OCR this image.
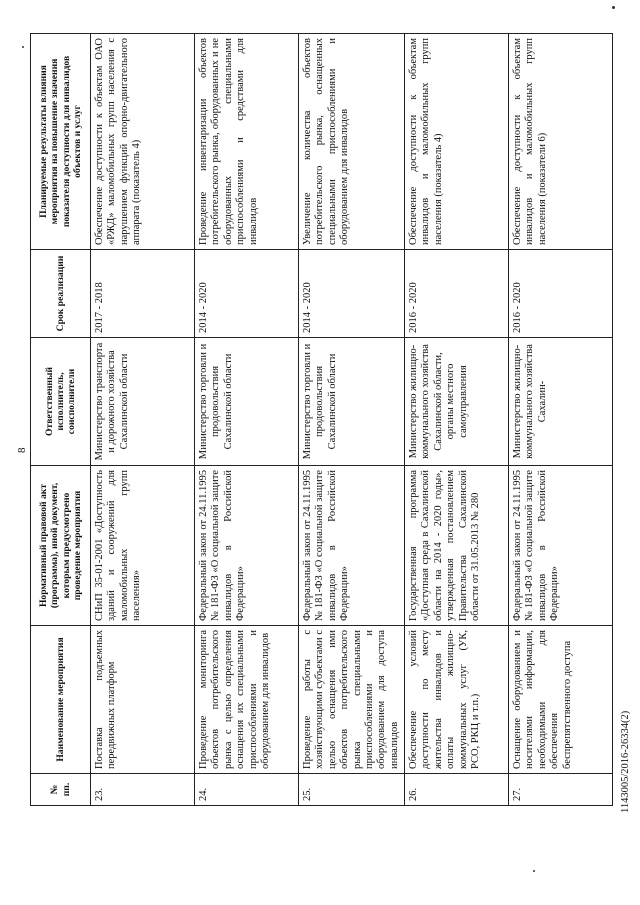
8
№ пп.	Наименование мероприятия	Нормативный правовой акт (программа), иной документ, которым предусмотрено проведение мероприятия	Ответственный исполнитель, соисполнители	Срок реализации	Планируемые результаты влияния мероприятия на повышение значения показателя доступности для инвалидов объектов и услуг
23.	Поставка подъемных передвижных платформ	СНиП 35-01-2001 «Доступность зданий и сооружений для маломобильных групп населения»	Министерство транспорта и дорожного хозяйства Сахалинской области	2017 - 2018	Обеспечение доступности к объектам ОАО «РЖД» маломобильных групп населения с нарушением функций опорно-двигательного аппарата (показатель 4)
24.	Проведение мониторинга объектов потребительского рынка с целью определения оснащения их специальными приспособлениями и оборудованием для инвалидов	Федеральный закон от 24.11.1995 № 181-ФЗ «О социальной защите инвалидов в Российской Федерации»	Министерство торговли и продовольствия Сахалинской области	2014 - 2020	Проведение инвентаризации объектов потребительского рынка, оборудованных и не оборудованных специальными приспособлениями и средствами для инвалидов
25.	Проведение работы с хозяйствующими субъектами с целью оснащения ими объектов потребительского рынка специальными приспособлениями и оборудованием для доступа инвалидов	Федеральный закон от 24.11.1995 № 181-ФЗ «О социальной защите инвалидов в Российской Федерации»	Министерство торговли и продовольствия Сахалинской области	2014 - 2020	Увеличение количества объектов потребительского рынка, оснащенных специальными приспособлениями и оборудованием для инвалидов
26.	Обеспечение условий доступности по месту жительства инвалидов и оплаты жилищно-коммунальных услуг (УК, РСО, РКЦ и т.п.)	Государственная программа «Доступная среда в Сахалинской области на 2014 - 2020 годы», утвержденная постановлением Правительства Сахалинской области от 31.05.2013 № 280	Министерство жилищно-коммунального хозяйства Сахалинской области, органы местного самоуправления	2016 - 2020	Обеспечение доступности к объектам инвалидов и маломобильных групп населения (показатель 4)
27.	Оснащение оборудованием и носителями информации, необходимыми для обеспечения беспрепятственного доступа	Федеральный закон от 24.11.1995 № 181-ФЗ «О социальной защите инвалидов в Российской Федерации»	Министерство жилищно-коммунального хозяйства Сахалин-	2016 - 2020	Обеспечение доступности к объектам инвалидов и маломобильных групп населения (показатели 6)
1143005/2016-26334(2)
